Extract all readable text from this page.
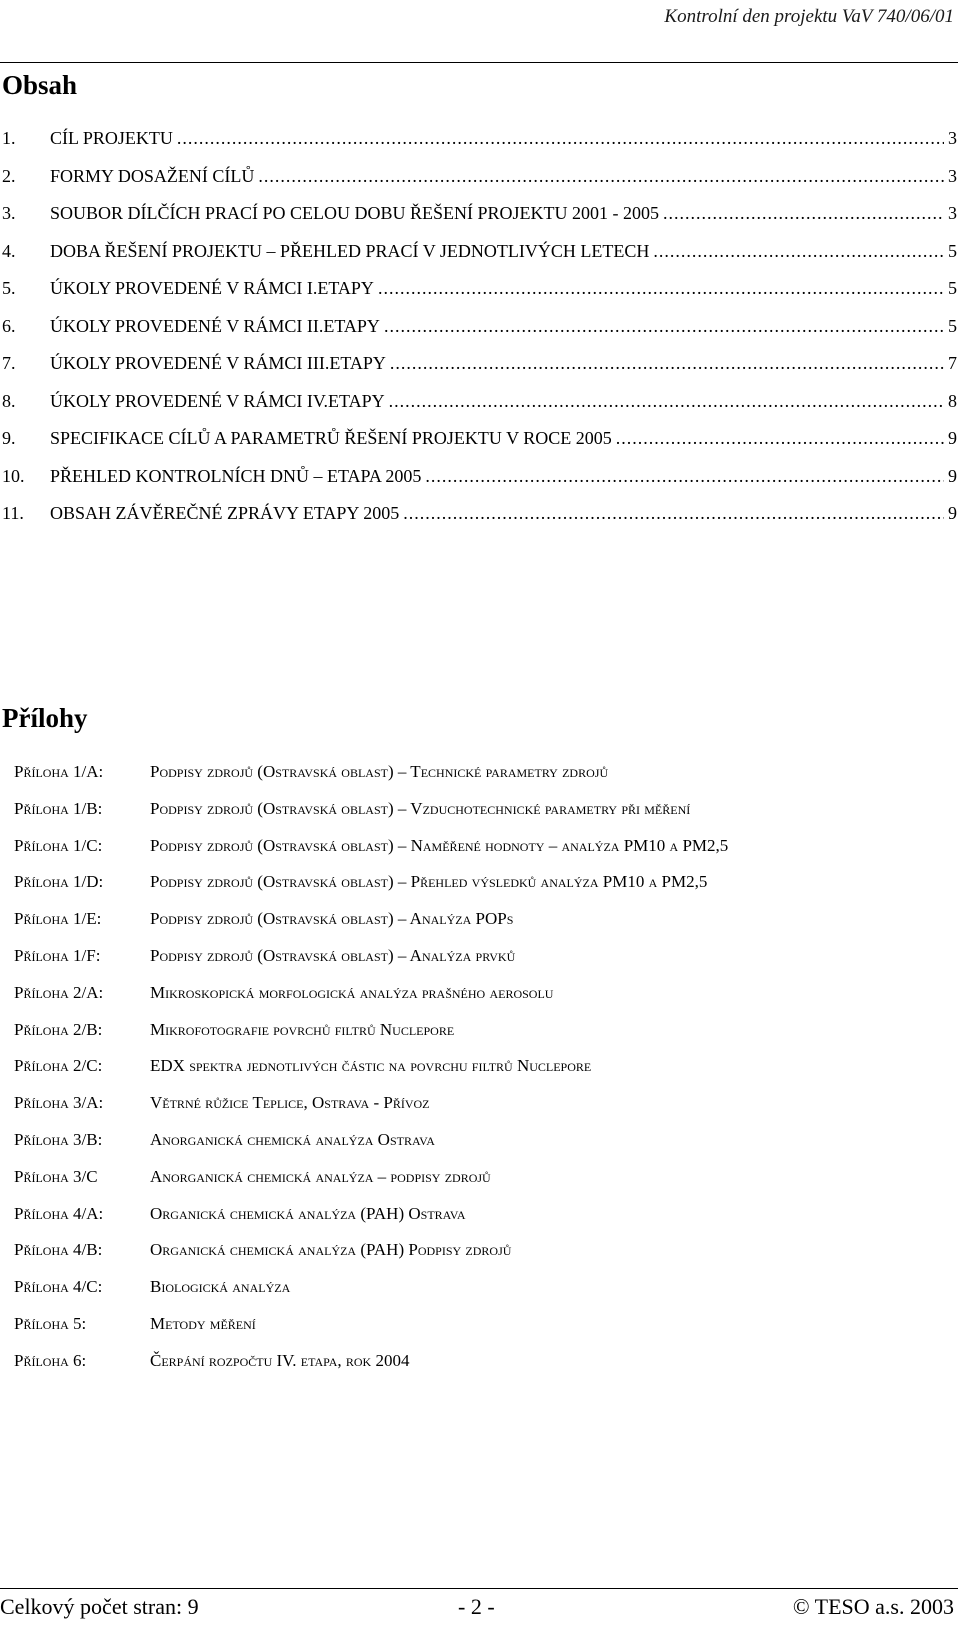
Kontrolní den projektu VaV 740/06/01
Obsah
1.	CÍL PROJEKTU .....	3
2.	FORMY DOSAŽENÍ CÍLŮ .....	3
3.	SOUBOR DÍLČÍCH PRACÍ PO CELOU DOBU ŘEŠENÍ PROJEKTU 2001 - 2005 .....	3
4.	DOBA ŘEŠENÍ PROJEKTU – PŘEHLED PRACÍ V JEDNOTLIVÝCH LETECH .....	5
5.	ÚKOLY PROVEDENÉ V RÁMCI I.ETAPY .....	5
6.	ÚKOLY PROVEDENÉ V RÁMCI II.ETAPY .....	5
7.	ÚKOLY PROVEDENÉ V RÁMCI III.ETAPY .....	7
8.	ÚKOLY PROVEDENÉ V RÁMCI IV.ETAPY .....	8
9.	SPECIFIKACE CÍLŮ A PARAMETRŮ ŘEŠENÍ PROJEKTU V ROCE 2005 .....	9
10.	PŘEHLED KONTROLNÍCH DNŮ – ETAPA 2005 .....	9
11.	OBSAH ZÁVĚREČNÉ ZPRÁVY ETAPY 2005 .....	9
Přílohy
Příloha 1/A:	Podpisy zdrojů (Ostravská oblast) – Technické parametry zdrojů
Příloha 1/B:	Podpisy zdrojů (Ostravská oblast) – Vzduchotechnické parametry při měření
Příloha 1/C:	Podpisy zdrojů (Ostravská oblast) – Naměřené hodnoty – analýza PM10 a PM2,5
Příloha 1/D:	Podpisy zdrojů (Ostravská oblast) – Přehled výsledků analýza PM10 a PM2,5
Příloha 1/E:	Podpisy zdrojů (Ostravská oblast) – Analýza POPs
Příloha 1/F:	Podpisy zdrojů (Ostravská oblast) – Analýza prvků
Příloha 2/A:	Mikroskopická morfologická analýza prašného aerosolu
Příloha 2/B:	Mikrofotografie povrchů filtrů Nuclepore
Příloha 2/C:	EDX spektra jednotlivých částic na povrchu filtrů Nuclepore
Příloha 3/A:	Větrné růžice Teplice, Ostrava - Přívoz
Příloha 3/B:	Anorganická chemická analýza Ostrava
Příloha 3/C	Anorganická chemická analýza – podpisy zdrojů
Příloha 4/A:	Organická chemická analýza (PAH) Ostrava
Příloha 4/B:	Organická chemická analýza (PAH) Podpisy zdrojů
Příloha 4/C:	Biologická analýza
Příloha 5:	Metody měření
Příloha 6:	Čerpání rozpočtu IV. etapa, rok 2004
Celkový počet stran: 9	- 2 -	© TESO a.s. 2003
